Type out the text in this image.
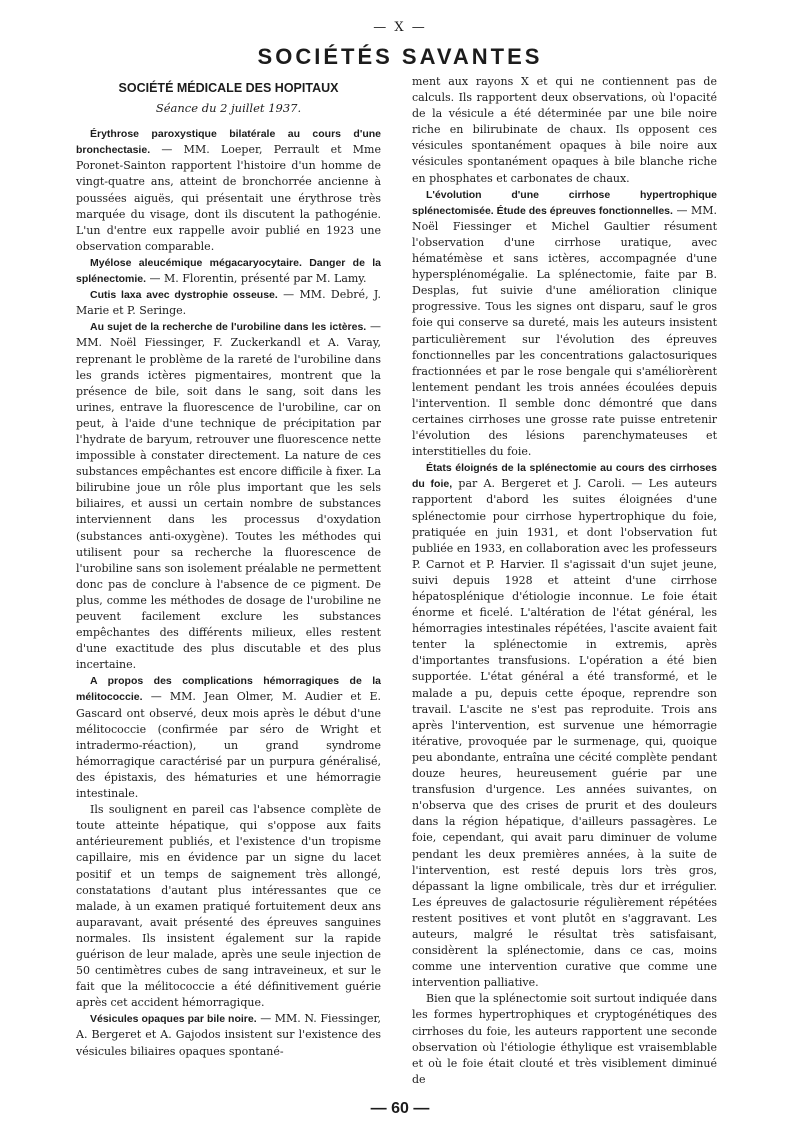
— X —
SOCIÉTÉS SAVANTES
SOCIÉTÉ MÉDICALE DES HOPITAUX
Séance du 2 juillet 1937.

Érythrose paroxystique bilatérale au cours d'une bronchectasie. — MM. Loeper, Perrault et Mme Poronet-Sainton rapportent l'histoire d'un homme de vingt-quatre ans, atteint de bronchorrée ancienne à poussées aiguës, qui présentait une érythrose très marquée du visage, dont ils discutent la pathogénie. L'un d'entre eux rappelle avoir publié en 1923 une observation comparable.

Myélose aleucémique mégacaryocytaire. Danger de la splénectomie. — M. Florentin, présenté par M. Lamy.

Cutis laxa avec dystrophie osseuse. — MM. Debré, J. Marie et P. Seringe.

Au sujet de la recherche de l'urobiline dans les ictères. — MM. Noël Fiessinger, F. Zuckerkandl et A. Varay, reprenant le problème de la rareté de l'urobiline dans les grands ictères pigmentaires, montrent que la présence de bile, soit dans le sang, soit dans les urines, entrave la fluorescence de l'urobiline, car on peut, à l'aide d'une technique de précipitation par l'hydrate de baryum, retrouver une fluorescence nette impossible à constater directement. La nature de ces substances empêchantes est encore difficile à fixer. La bilirubine joue un rôle plus important que les sels biliaires, et aussi un certain nombre de substances interviennent dans les processus d'oxydation (substances anti-oxygène). Toutes les méthodes qui utilisent pour sa recherche la fluorescence de l'urobiline sans son isolement préalable ne permettent donc pas de conclure à l'absence de ce pigment. De plus, comme les méthodes de dosage de l'urobiline ne peuvent facilement exclure les substances empêchantes des différents milieux, elles restent d'une exactitude des plus discutable et des plus incertaine.

A propos des complications hémorragiques de la mélitococcie. — MM. Jean Olmer, M. Audier et E. Gascard ont observé, deux mois après le début d'une mélitococcie (confirmée par séro de Wright et intradermo-réaction), un grand syndrome hémorragique caractérisé par un purpura généralisé, des épistaxis, des hématuries et une hémorragie intestinale.

Ils soulignent en pareil cas l'absence complète de toute atteinte hépatique, qui s'oppose aux faits antérieurement publiés, et l'existence d'un tropisme capillaire, mis en évidence par un signe du lacet positif et un temps de saignement très allongé, constatations d'autant plus intéressantes que ce malade, à un examen pratiqué fortuitement deux ans auparavant, avait présenté des épreuves sanguines normales. Ils insistent également sur la rapide guérison de leur malade, après une seule injection de 50 centimètres cubes de sang intraveineux, et sur le fait que la mélitococcie a été définitivement guérie après cet accident hémorragique.

Vésicules opaques par bile noire. — MM. N. Fiessinger, A. Bergeret et A. Gajodos insistent sur l'existence des vésicules biliaires opaques spontané-

ment aux rayons X et qui ne contiennent pas de calculs. Ils rapportent deux observations, où l'opacité de la vésicule a été déterminée par une bile noire riche en bilirubinate de chaux. Ils opposent ces vésicules spontanément opaques à bile noire aux vésicules spontanément opaques à bile blanche riche en phosphates et carbonates de chaux.

L'évolution d'une cirrhose hypertrophique splénectomisée. Étude des épreuves fonctionnelles. — MM. Noël Fiessinger et Michel Gaultier résument l'observation d'une cirrhose uratique, avec hématémèse et sans ictères, accompagnée d'une hypersplénomégalie. La splénectomie, faite par B. Desplas, fut suivie d'une amélioration clinique progressive. Tous les signes ont disparu, sauf le gros foie qui conserve sa dureté, mais les auteurs insistent particulièrement sur l'évolution des épreuves fonctionnelles par les concentrations galactosuriques fractionnées et par le rose bengale qui s'améliorèrent lentement pendant les trois années écoulées depuis l'intervention. Il semble donc démontré que dans certaines cirrhoses une grosse rate puisse entretenir l'évolution des lésions parenchymateuses et interstitielles du foie.

États éloignés de la splénectomie au cours des cirrhoses du foie, par A. Bergeret et J. Caroli. — Les auteurs rapportent d'abord les suites éloignées d'une splénectomie pour cirrhose hypertrophique du foie, pratiquée en juin 1931, et dont l'observation fut publiée en 1933, en collaboration avec les professeurs P. Carnot et P. Harvier. Il s'agissait d'un sujet jeune, suivi depuis 1928 et atteint d'une cirrhose hépatosplénique d'étiologie inconnue. Le foie était énorme et ficelé. L'altération de l'état général, les hémorragies intestinales répétées, l'ascite avaient fait tenter la splénectomie in extremis, après d'importantes transfusions. L'opération a été bien supportée. L'état général a été transformé, et le malade a pu, depuis cette époque, reprendre son travail. L'ascite ne s'est pas reproduite. Trois ans après l'intervention, est survenue une hémorragie itérative, provoquée par le surmenage, qui, quoique peu abondante, entraîna une cécité complète pendant douze heures, heureusement guérie par une transfusion d'urgence. Les années suivantes, on n'observa que des crises de prurit et des douleurs dans la région hépatique, d'ailleurs passagères. Le foie, cependant, qui avait paru diminuer de volume pendant les deux premières années, à la suite de l'intervention, est resté depuis lors très gros, dépassant la ligne ombilicale, très dur et irrégulier. Les épreuves de galactosurie régulièrement répétées restent positives et vont plutôt en s'aggravant. Les auteurs, malgré le résultat très satisfaisant, considèrent la splénectomie, dans ce cas, moins comme une intervention curative que comme une intervention palliative.

Bien que la splénectomie soit surtout indiquée dans les formes hypertrophiques et cryptogénétiques des cirrhoses du foie, les auteurs rapportent une seconde observation où l'étiologie éthylique est vraisemblable et où le foie était clouté et très visiblement diminué de

— 60 —
